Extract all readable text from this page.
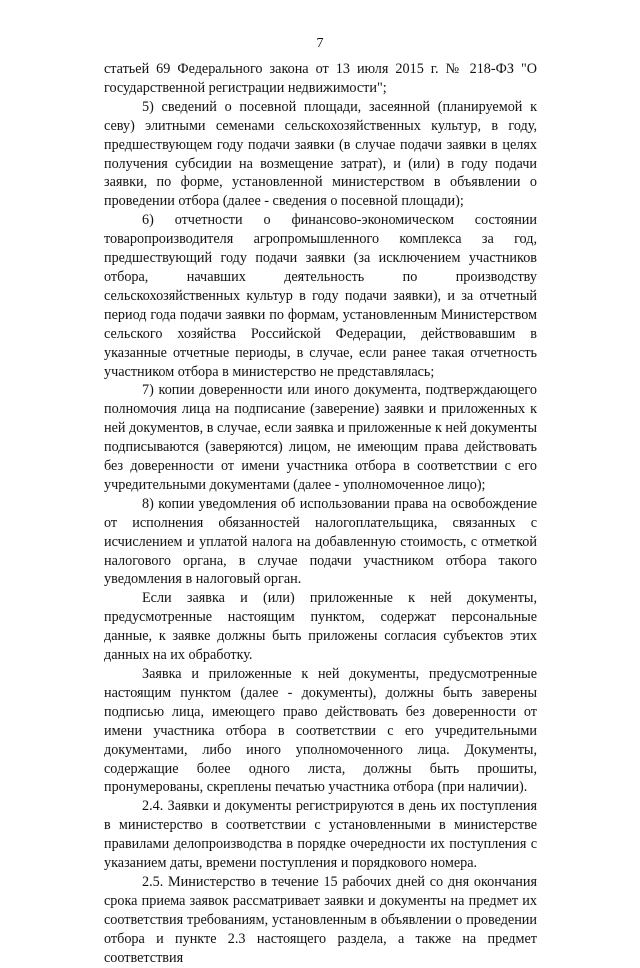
7

статьей 69 Федерального закона от 13 июля 2015 г. № 218-ФЗ "О государственной регистрации недвижимости";

5) сведений о посевной площади, засеянной (планируемой к севу) элитными семенами сельскохозяйственных культур, в году, предшествующем году подачи заявки (в случае подачи заявки в целях получения субсидии на возмещение затрат), и (или) в году подачи заявки, по форме, установленной министерством в объявлении о проведении отбора (далее - сведения о посевной площади);

6) отчетности о финансово-экономическом состоянии товаропроизводителя агропромышленного комплекса за год, предшествующий году подачи заявки (за исключением участников отбора, начавших деятельность по производству сельскохозяйственных культур в году подачи заявки), и за отчетный период года подачи заявки по формам, установленным Министерством сельского хозяйства Российской Федерации, действовавшим в указанные отчетные периоды, в случае, если ранее такая отчетность участником отбора в министерство не представлялась;

7) копии доверенности или иного документа, подтверждающего полномочия лица на подписание (заверение) заявки и приложенных к ней документов, в случае, если заявка и приложенные к ней документы подписываются (заверяются) лицом, не имеющим права действовать без доверенности от имени участника отбора в соответствии с его учредительными документами (далее - уполномоченное лицо);

8) копии уведомления об использовании права на освобождение от исполнения обязанностей налогоплательщика, связанных с исчислением и уплатой налога на добавленную стоимость, с отметкой налогового органа, в случае подачи участником отбора такого уведомления в налоговый орган.

Если заявка и (или) приложенные к ней документы, предусмотренные настоящим пунктом, содержат персональные данные, к заявке должны быть приложены согласия субъектов этих данных на их обработку.

Заявка и приложенные к ней документы, предусмотренные настоящим пунктом (далее - документы), должны быть заверены подписью лица, имеющего право действовать без доверенности от имени участника отбора в соответствии с его учредительными документами, либо иного уполномоченного лица. Документы, содержащие более одного листа, должны быть прошиты, пронумерованы, скреплены печатью участника отбора (при наличии).

2.4. Заявки и документы регистрируются в день их поступления в министерство в соответствии с установленными в министерстве правилами делопроизводства в порядке очередности их поступления с указанием даты, времени поступления и порядкового номера.

2.5. Министерство в течение 15 рабочих дней со дня окончания срока приема заявок рассматривает заявки и документы на предмет их соответствия требованиям, установленным в объявлении о проведении отбора и пункте 2.3 настоящего раздела, а также на предмет соответствия
